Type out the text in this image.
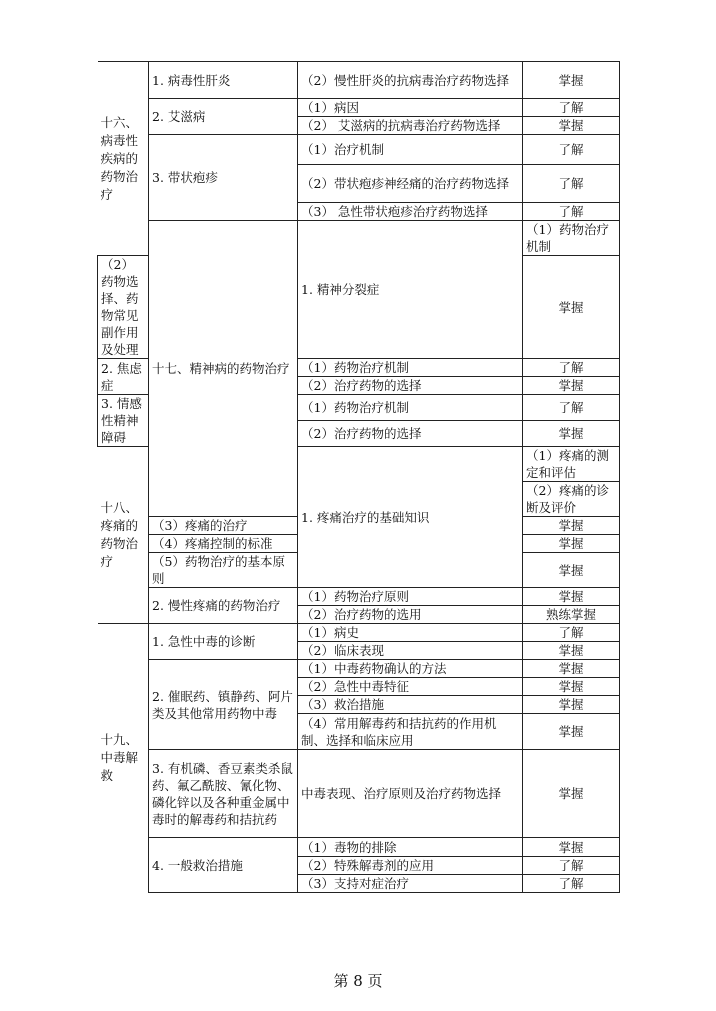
十六、病毒性疾病的药物治疗	1. 病毒性肝炎	（2）慢性肝炎的抗病毒治疗药物选择	掌握	
	2. 艾滋病	（1）病因	了解	
		（2） 艾滋病的抗病毒治疗药物选择	掌握	
	3. 带状疱疹	（1）治疗机制	了解	
		（2）带状疱疹神经痛的治疗药物选择	了解	
		（3） 急性带状疱疹治疗药物选择	了解	
	十七、精神病的药物治疗	1. 精神分裂症	（1）药物治疗机制	
（2）药物选择、药物常见副作用及处理			掌握	
2. 焦虑症		（1）药物治疗机制	了解	
		（2）治疗药物的选择	掌握	
3. 情感性精神障碍		（1）药物治疗机制	了解	
		（2）治疗药物的选择	掌握	
十八、疼痛的药物治疗		1. 疼痛治疗的基础知识	（1）疼痛的测定和评估	
			（2）疼痛的诊断及评价	
	（3）疼痛的治疗		掌握	
	（4）疼痛控制的标准		掌握	
	（5）药物治疗的基本原则		掌握	
	2. 慢性疼痛的药物治疗	（1）药物治疗原则	掌握	
		（2）治疗药物的选用	熟练掌握	
十九、中毒解救	1. 急性中毒的诊断	（1）病史	了解	
		（2）临床表现	掌握	
	2. 催眠药、镇静药、阿片类及其他常用药物中毒	（1）中毒药物确认的方法	掌握	
		（2）急性中毒特征	掌握	
		（3）救治措施	掌握	
		（4）常用解毒药和拮抗药的作用机制、选择和临床应用	掌握	
	3. 有机磷、香豆素类杀鼠药、氟乙酰胺、氰化物、磷化锌以及各种重金属中毒时的解毒药和拮抗药	中毒表现、治疗原则及治疗药物选择	掌握	
	4. 一般救治措施	（1）毒物的排除	掌握	
		（2）特殊解毒剂的应用	了解	
		（3）支持对症治疗	了解	
第 8 页
